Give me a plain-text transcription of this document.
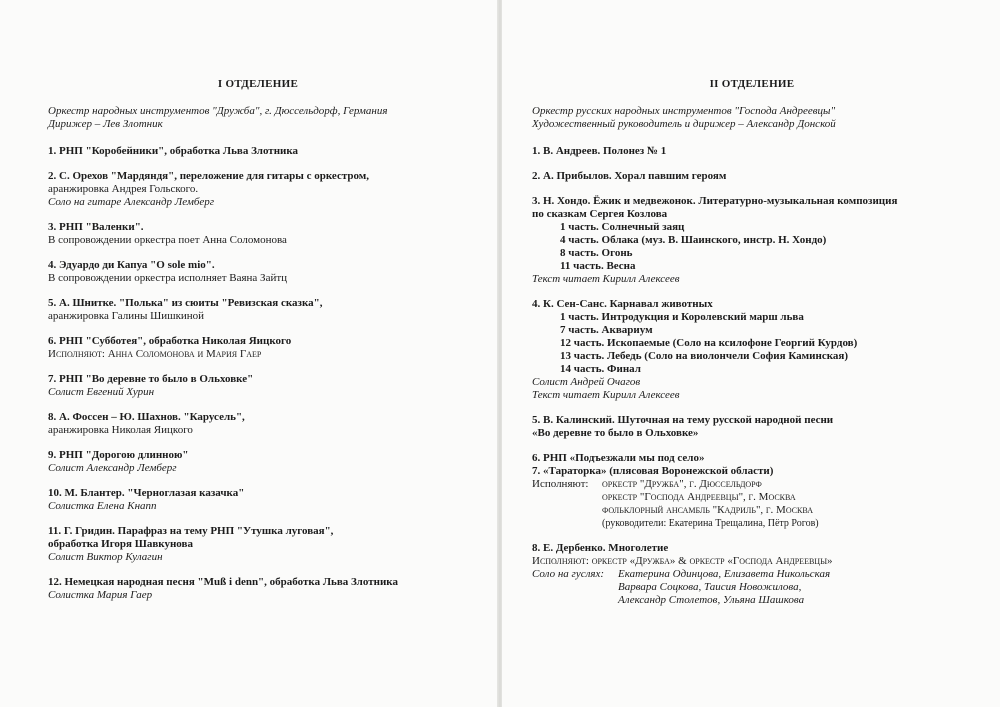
I ОТДЕЛЕНИЕ
Оркестр народных инструментов "Дружба", г. Дюссельдорф, Германия
Дирижер – Лев Злотник
1. РНП "Коробейники", обработка Льва Злотника
2. С. Орехов "Мардяндя", переложение для гитары с оркестром,
аранжировка Андрея Гольского.
Соло на гитаре Александр Лемберг
3. РНП "Валенки".
В сопровождении оркестра поет Анна Соломонова
4. Эдуардо ди Капуа "O sole mio".
В сопровождении оркестра исполняет Ваяна Зайтц
5. А. Шнитке. "Полька" из сюиты "Ревизская сказка",
аранжировка Галины Шишкиной
6. РНП "Субботея", обработка Николая Яицкого
Исполняют: Анна Соломонова и Мария Гаер
7. РНП "Во деревне то было в Ольховке"
Солист Евгений Хурин
8. А. Фоссен – Ю. Шахнов. "Карусель",
аранжировка Николая Яицкого
9. РНП "Дорогою длинною"
Солист Александр Лемберг
10. М. Блантер. "Черноглазая казачка"
Солистка Елена Кнапп
11. Г. Гридин. Парафраз на тему РНП "Утушка луговая",
обработка Игоря Шавкунова
Солист Виктор Кулагин
12. Немецкая народная песня "Muß i denn", обработка Льва Злотника
Солистка Мария Гаер
II ОТДЕЛЕНИЕ
Оркестр русских народных инструментов "Господа Андреевцы"
Художественный руководитель и дирижер – Александр Донской
1. В. Андреев. Полонез № 1
2. А. Прибылов. Хорал павшим героям
3. Н. Хондо. Ёжик и медвежонок. Литературно-музыкальная композиция
по сказкам Сергея Козлова
1 часть. Солнечный заяц
4 часть. Облака (муз. В. Шаинского, инстр. Н. Хондо)
8 часть. Огонь
11 часть. Весна
Текст читает Кирилл Алексеев
4. К. Сен-Санс. Карнавал животных
1 часть. Интродукция и Королевский марш льва
7 часть. Аквариум
12 часть. Ископаемые (Соло на ксилофоне Георгий Курдов)
13 часть. Лебедь (Соло на виолончели София Каминская)
14 часть. Финал
Солист Андрей Очагов
Текст читает Кирилл Алексеев
5. В. Калинский. Шуточная на тему русской народной песни
«Во деревне то было в Ольховке»
6. РНП «Подъезжали мы под село»
7. «Тараторка» (плясовая Воронежской области)
Исполняют:	оркестр "Дружба", г. Дюссельдорф
оркестр "Господа Андреевцы", г. Москва
фольклорный ансамбль "Кадриль", г. Москва
(руководители: Екатерина Трещалина, Пётр Рогов)
8. Е. Дербенко. Многолетие
Исполняют: оркестр «Дружба» & оркестр «Господа Андреевцы»
Соло на гуслях:	Екатерина Одинцова, Елизавета Никольская
Варвара Соцкова, Таисия Новожилова,
Александр Столетов, Ульяна Шашкова
